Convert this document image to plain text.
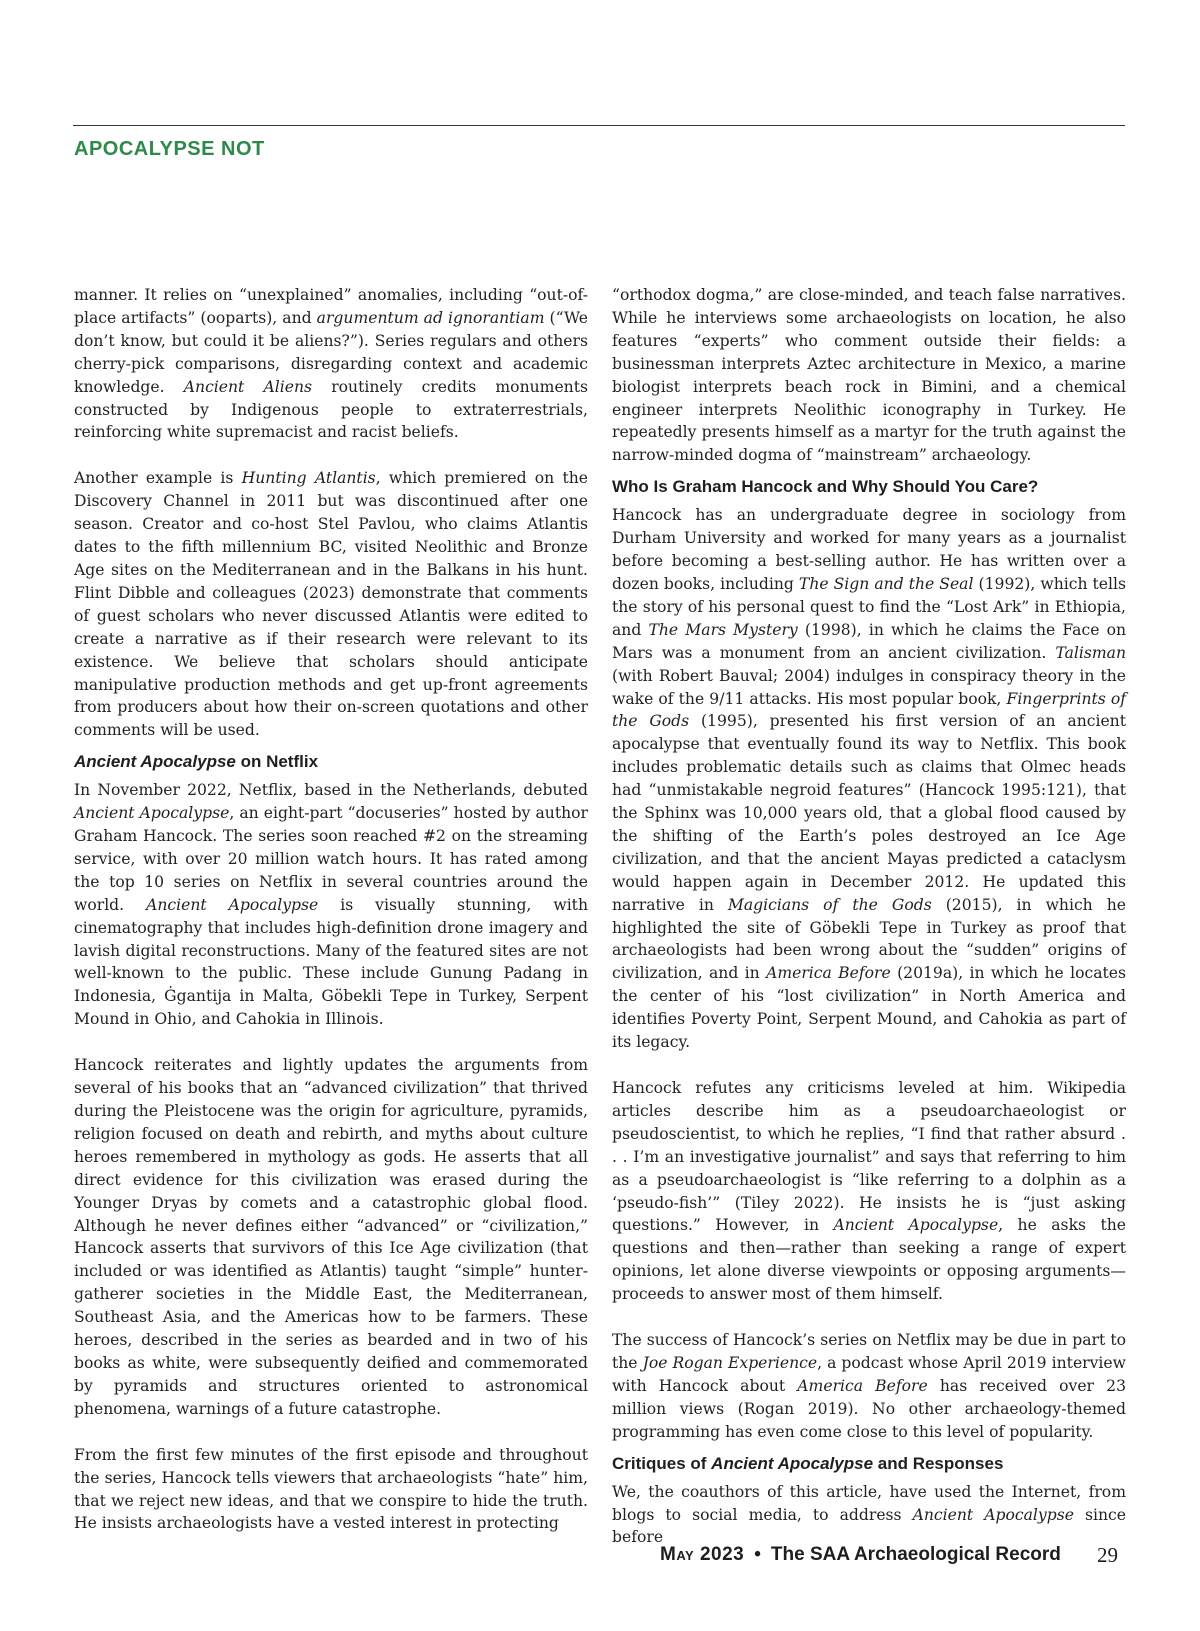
APOCALYPSE NOT

manner. It relies on “unexplained” anomalies, including “out-of-place artifacts” (ooparts), and argumentum ad ignorantiam (“We don’t know, but could it be aliens?”). Series regulars and others cherry-pick comparisons, disregarding context and academic knowledge. Ancient Aliens routinely credits monuments constructed by Indigenous people to extraterrestrials, reinforcing white supremacist and racist beliefs.

Another example is Hunting Atlantis, which premiered on the Discovery Channel in 2011 but was discontinued after one season. Creator and co-host Stel Pavlou, who claims Atlantis dates to the fifth millennium BC, visited Neolithic and Bronze Age sites on the Mediterranean and in the Balkans in his hunt. Flint Dibble and colleagues (2023) demonstrate that comments of guest scholars who never discussed Atlantis were edited to create a narrative as if their research were relevant to its existence. We believe that scholars should anticipate manipulative production methods and get up-front agreements from producers about how their on-screen quotations and other comments will be used.

Ancient Apocalypse on Netflix

In November 2022, Netflix, based in the Netherlands, debuted Ancient Apocalypse, an eight-part “docuseries” hosted by author Graham Hancock. The series soon reached #2 on the streaming service, with over 20 million watch hours. It has rated among the top 10 series on Netflix in several countries around the world. Ancient Apocalypse is visually stunning, with cinematography that includes high-definition drone imagery and lavish digital reconstructions. Many of the featured sites are not well-known to the public. These include Gunung Padang in Indonesia, Ġgantija in Malta, Göbekli Tepe in Turkey, Serpent Mound in Ohio, and Cahokia in Illinois.

Hancock reiterates and lightly updates the arguments from several of his books that an “advanced civilization” that thrived during the Pleistocene was the origin for agriculture, pyramids, religion focused on death and rebirth, and myths about culture heroes remembered in mythology as gods. He asserts that all direct evidence for this civilization was erased during the Younger Dryas by comets and a catastrophic global flood. Although he never defines either “advanced” or “civilization,” Hancock asserts that survivors of this Ice Age civilization (that included or was identified as Atlantis) taught “simple” hunter-gatherer societies in the Middle East, the Mediterranean, Southeast Asia, and the Americas how to be farmers. These heroes, described in the series as bearded and in two of his books as white, were subsequently deified and commemorated by pyramids and structures oriented to astronomical phenomena, warnings of a future catastrophe.

From the first few minutes of the first episode and throughout the series, Hancock tells viewers that archaeologists “hate” him, that we reject new ideas, and that we conspire to hide the truth. He insists archaeologists have a vested interest in protecting

“orthodox dogma,” are close-minded, and teach false narratives. While he interviews some archaeologists on location, he also features “experts” who comment outside their fields: a businessman interprets Aztec architecture in Mexico, a marine biologist interprets beach rock in Bimini, and a chemical engineer interprets Neolithic iconography in Turkey. He repeatedly presents himself as a martyr for the truth against the narrow-minded dogma of “mainstream” archaeology.

Who Is Graham Hancock and Why Should You Care?

Hancock has an undergraduate degree in sociology from Durham University and worked for many years as a journalist before becoming a best-selling author. He has written over a dozen books, including The Sign and the Seal (1992), which tells the story of his personal quest to find the “Lost Ark” in Ethiopia, and The Mars Mystery (1998), in which he claims the Face on Mars was a monument from an ancient civilization. Talisman (with Robert Bauval; 2004) indulges in conspiracy theory in the wake of the 9/11 attacks. His most popular book, Fingerprints of the Gods (1995), presented his first version of an ancient apocalypse that eventually found its way to Netflix. This book includes problematic details such as claims that Olmec heads had “unmistakable negroid features” (Hancock 1995:121), that the Sphinx was 10,000 years old, that a global flood caused by the shifting of the Earth’s poles destroyed an Ice Age civilization, and that the ancient Mayas predicted a cataclysm would happen again in December 2012. He updated this narrative in Magicians of the Gods (2015), in which he highlighted the site of Göbekli Tepe in Turkey as proof that archaeologists had been wrong about the “sudden” origins of civilization, and in America Before (2019a), in which he locates the center of his “lost civilization” in North America and identifies Poverty Point, Serpent Mound, and Cahokia as part of its legacy.

Hancock refutes any criticisms leveled at him. Wikipedia articles describe him as a pseudoarchaeologist or pseudoscientist, to which he replies, “I find that rather absurd . . . I’m an investigative journalist” and says that referring to him as a pseudoarchaeologist is “like referring to a dolphin as a ‘pseudo-fish’” (Tiley 2022). He insists he is “just asking questions.” However, in Ancient Apocalypse, he asks the questions and then—rather than seeking a range of expert opinions, let alone diverse viewpoints or opposing arguments—proceeds to answer most of them himself.

The success of Hancock’s series on Netflix may be due in part to the Joe Rogan Experience, a podcast whose April 2019 interview with Hancock about America Before has received over 23 million views (Rogan 2019). No other archaeology-themed programming has even come close to this level of popularity.

Critiques of Ancient Apocalypse and Responses

We, the coauthors of this article, have used the Internet, from blogs to social media, to address Ancient Apocalypse since before

May 2023 • The SAA Archaeological Record 29
